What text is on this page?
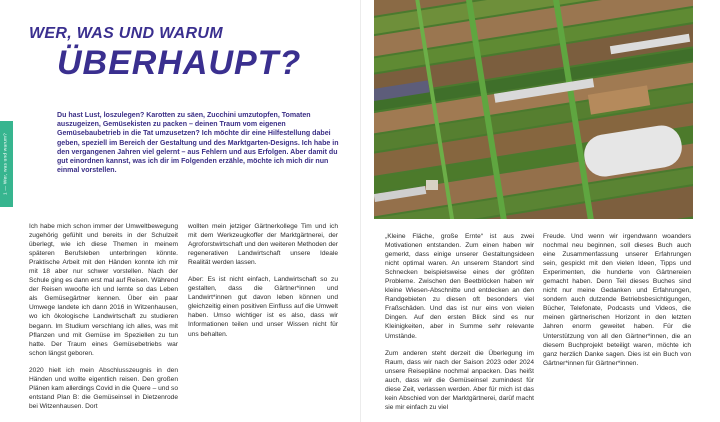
1 — Wer, was und warum?
WER, WAS UND WARUM
ÜBERHAUPT?
Du hast Lust, loszulegen? Karotten zu säen, Zucchini umzutopfen, Tomaten auszugeizen, Gemüsekisten zu packen – deinen Traum vom eigenen Gemüsebaubetrieb in die Tat umzusetzen? Ich möchte dir eine Hilfestellung dabei geben, speziell im Bereich der Gestaltung und des Marktgarten-Designs. Ich habe in den vergangenen Jahren viel gelernt – aus Fehlern und aus Erfolgen. Aber damit du gut einordnen kannst, was ich dir im Folgenden erzähle, möchte ich mich dir nun einmal vorstellen.

Ich habe mich schon immer der Umweltbewegung zugehörig gefühlt und bereits in der Schulzeit überlegt, wie ich diese Themen in meinem späteren Berufsleben unterbringen könnte. Praktische Arbeit mit den Händen konnte ich mir mit 18 aber nur schwer vorstellen. Nach der Schule ging es dann erst mal auf Reisen. Während der Reisen wwoofte ich und lernte so das Leben als Gemüsegärtner kennen. Über ein paar Umwege landete ich dann 2016 in Witzenhausen, wo ich ökologische Landwirtschaft zu studieren begann. Im Studium verschlang ich alles, was mit Pflanzen und mit Gemüse im Speziellen zu tun hatte. Der Traum eines Gemüsebetriebs war schon längst geboren.

2020 hielt ich mein Abschlusszeugnis in den Händen und wollte eigentlich reisen. Den großen Plänen kam allerdings Covid in die Quere – und so entstand Plan B: die Gemüseinsel in Dietzenrode bei Witzenhausen. Dort

wollten mein jetziger Gärtnerkollege Tim und ich mit dem Werkzeugkoffer der Marktgärtnerei, der Agroforstwirtschaft und den weiteren Methoden der regenerativen Landwirtschaft unsere Ideale Realität werden lassen.

Aber: Es ist nicht einfach, Landwirtschaft so zu gestalten, dass die Gärtner*innen und Landwirt*innen gut davon leben können und gleichzeitig einen positiven Einfluss auf die Umwelt haben. Umso wichtiger ist es also, dass wir Informationen teilen und unser Wissen nicht für uns behalten.

„Kleine Fläche, große Ernte“ ist aus zwei Motivationen entstanden. Zum einen haben wir gemerkt, dass einige unserer Gestaltungsideen nicht optimal waren. An unserem Standort sind Schnecken beispielsweise eines der größten Probleme. Zwischen den Beetblöcken haben wir kleine Wiesen-Abschnitte und entdecken an den Randgebieten zu diesen oft besonders viel Fraßschäden. Und das ist nur eins von vielen Dingen. Auf den ersten Blick sind es nur Kleinigkeiten, aber in Summe sehr relevante Umstände.

Zum anderen steht derzeit die Überlegung im Raum, dass wir nach der Saison 2023 oder 2024 unsere Reisepläne nochmal anpacken. Das heißt auch, dass wir die Gemüseinsel zumindest für diese Zeit, verlassen werden. Aber für mich ist das kein Abschied von der Marktgärtnerei, darüf macht sie mir einfach zu viel

Freude. Und wenn wir irgendwann woanders nochmal neu beginnen, soll dieses Buch auch eine Zusammenfassung unserer Erfahrungen sein, gespickt mit den vielen Ideen, Tipps und Experimenten, die hunderte von Gärtnereien gemacht haben. Denn Teil dieses Buches sind nicht nur meine Gedanken und Erfahrungen, sondern auch dutzende Betriebsbesichtigungen, Bücher, Telefonate, Podcasts und Videos, die meinen gärtnerischen Horizont in den letzten Jahren enorm geweitet haben. Für die Unterstützung von all den Gärtner*innen, die an diesem Buchprojekt beteiligt waren, möchte ich ganz herzlich Danke sagen. Dies ist ein Buch von Gärtner*innen für Gärtner*innen.
